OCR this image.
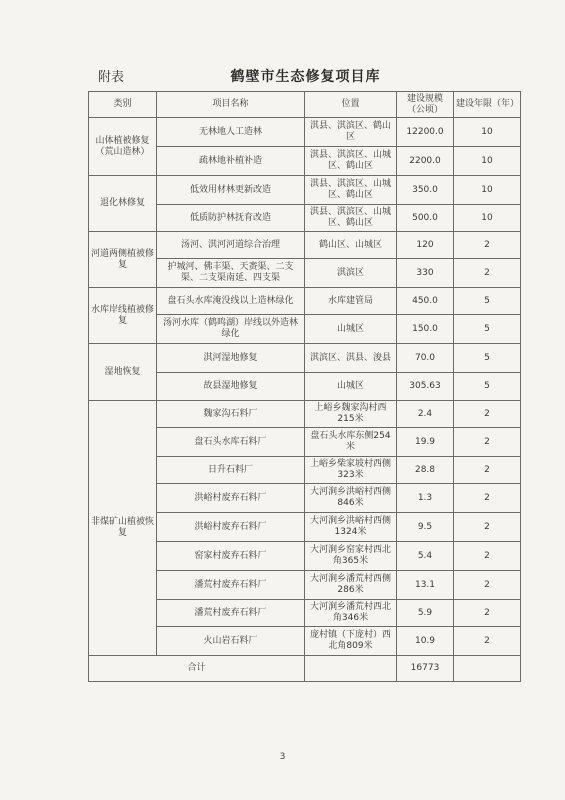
附表	鹤壁市生态修复项目库
类别	项目名称	位置	建设规模（公顷）	建设年限（年）
山体植被修复（荒山造林）	无林地人工造林	淇县、淇滨区、鹤山区	12200.0	10
	疏林地补植补造	淇县、淇滨区、山城区、鹤山区	2200.0	10
退化林修复	低效用材林更新改造	淇县、淇滨区、山城区、鹤山区	350.0	10
	低质防护林抚育改造	淇县、淇滨区、山城区、鹤山区	500.0	10
河道两侧植被修复	汤河、淇河河道综合治理	鹤山区、山城区	120	2
	护城河、佛丰渠、天赉渠、二支渠、二支渠南延、四支渠	淇滨区	330	2
水库岸线植被修复	盘石头水库淹没线以上造林绿化	水库建管局	450.0	5
	汤河水库（鹤鸣湖）岸线以外造林绿化	山城区	150.0	5
湿地恢复	淇河湿地修复	淇滨区、淇县、浚县	70.0	5
	故县湿地修复	山城区	305.63	5
非煤矿山植被恢复	魏家沟石料厂	上峪乡魏家沟村西215米	2.4	2
	盘石头水库石料厂	盘石头水库东侧254米	19.9	2
	日升石料厂	上峪乡柴家坡村西侧323米	28.8	2
	洪峪村废弃石料厂	大河涧乡洪峪村西侧846米	1.3	2
	洪峪村废弃石料厂	大河涧乡洪峪村西侧1324米	9.5	2
	窑家村废弃石料厂	大河涧乡窑家村西北角365米	5.4	2
	潘荒村废弃石料厂	大河涧乡潘荒村西侧286米	13.1	2
	潘荒村废弃石料厂	大河涧乡潘荒村西北角346米	5.9	2
	火山岩石料厂	庞村镇（下庞村）西北角809米	10.9	2
合计			16773	
3
